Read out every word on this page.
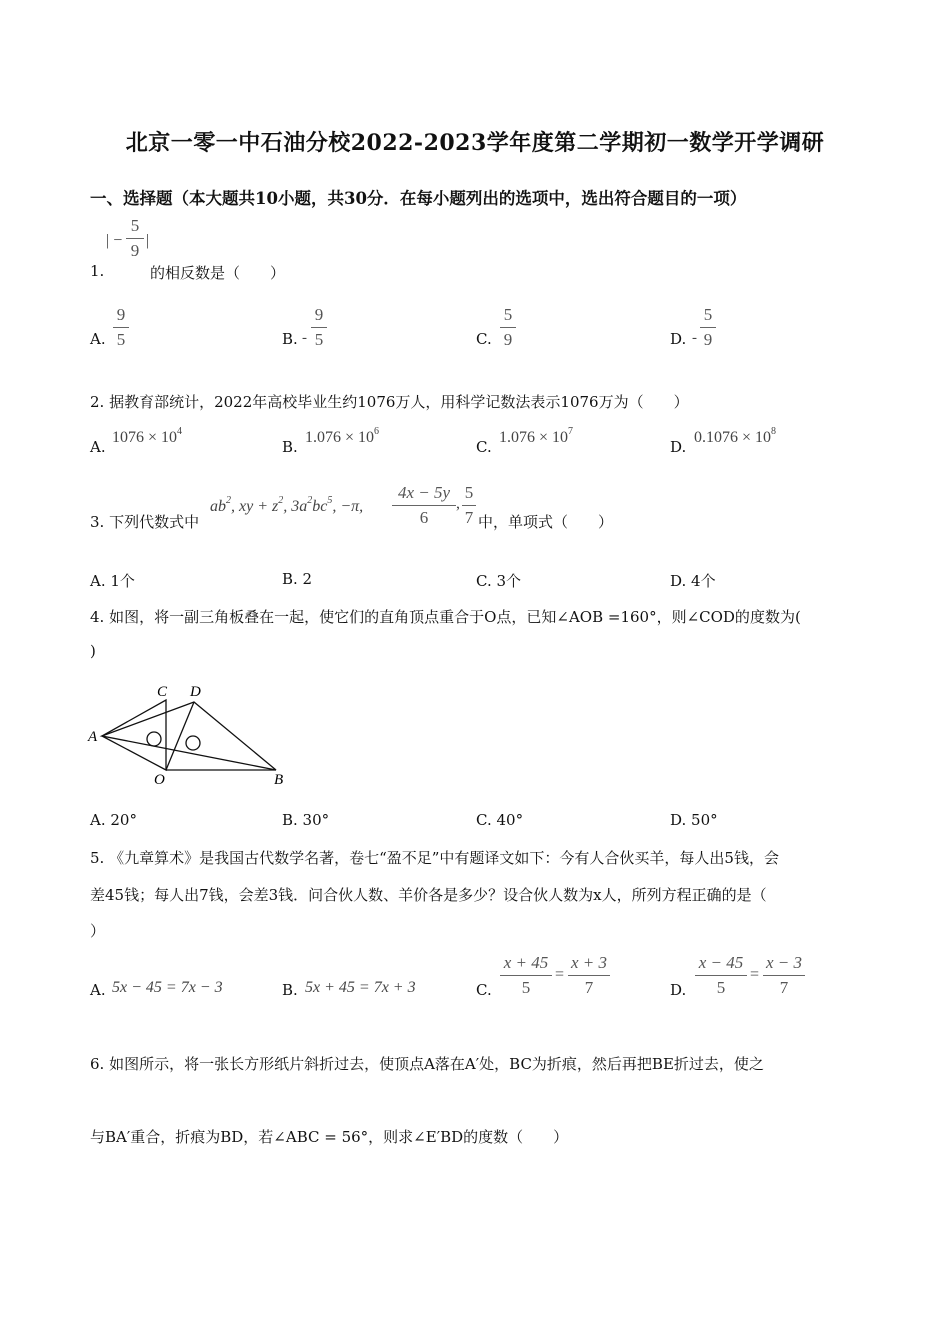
北京一零一中石油分校2022-2023学年度第二学期初一数学开学调研
一、选择题（本大题共10小题，共30分．在每小题列出的选项中，选出符合题目的一项）
1.
| −
5
9
|
的相反数是（　　）
A.
9
5	B. -
9
5	C.
5
9	D. -
5
9
2. 据教育部统计，2022年高校毕业生约1076万人，用科学记数法表示1076万为（　　）
A.
$1076 \times 10^4$
B.
$1.076 \times 10^6$
C.
$1.076 \times 10^7$
D.
$0.1076 \times 10^8$
3. 下列代数式中
$ab^2$, xy + $z^2$, $3a^2bc^5$, −π,
4x − 5y
6
,
5
7 中，单项式（　　）
A. 1个	B. 2	C. 3个	D. 4个
4. 如图，将一副三角板叠在一起，使它们的直角顶点重合于O点，已知∠AOB =160°，则∠COD的度数为(
)
A
C D
O	B
A. 20°	B. 30°	C. 40°	D. 50°
5. 《九章算术》是我国古代数学名著，卷七“盈不足”中有题译文如下：今有人合伙买羊，每人出5钱，会
差45钱；每人出7钱，会差3钱．问合伙人数、羊价各是多少？设合伙人数为x人，所列方程正确的是（
）
A. 5x − 45 = 7x − 3	B. 5x + 45 = 7x + 3	C.
x + 45
5
=
x + 3
7	D.
x − 45
5
=
x − 3
7
6. 如图所示，将一张长方形纸片斜折过去，使顶点A落在A′处，BC为折痕，然后再把BE折过去，使之
与BA′重合，折痕为BD，若∠ABC = 56°，则求∠E′BD的度数（　　）
